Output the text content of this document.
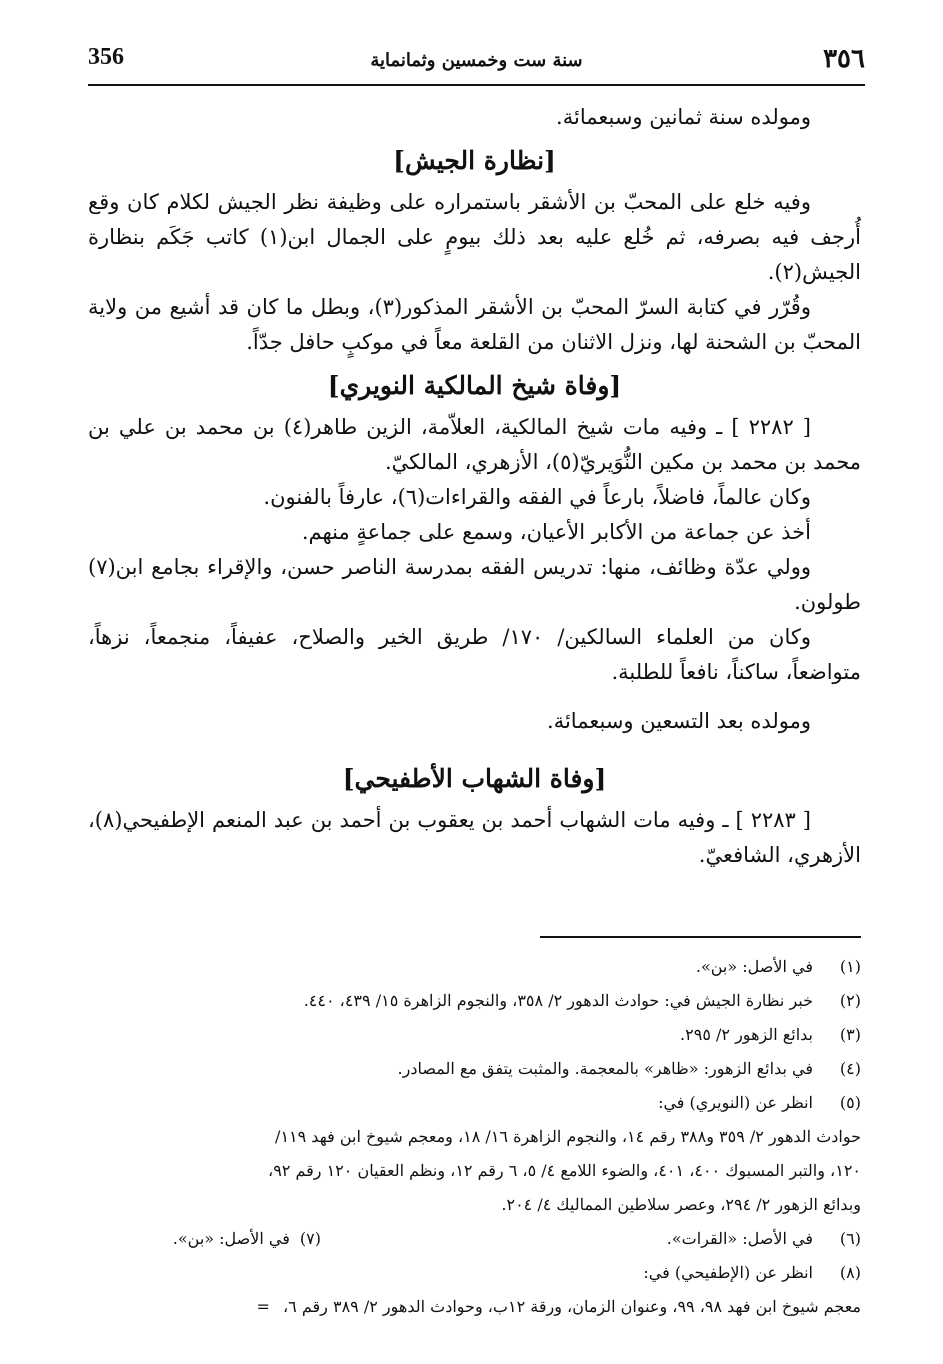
356	سنة ست وخمسين وثمانماية	٣٥٦

ومولده سنة ثمانين وسبعمائة.

[نظارة الجيش]

وفيه خلع على المحبّ بن الأشقر باستمراره على وظيفة نظر الجيش لكلام كان وقع أُرجف فيه بصرفه، ثم خُلع عليه بعد ذلك بيومٍ على الجمال ابن(١) كاتب جَكَم بنظارة الجيش(٢).

وقُرّر في كتابة السرّ المحبّ بن الأشقر المذكور(٣)، وبطل ما كان قد أشيع من ولاية المحبّ بن الشحنة لها، ونزل الاثنان من القلعة معاً في موكبٍ حافل جدّاً.

[وفاة شيخ المالكية النويري]

[ ٢٢٨٢ ] ـ وفيه مات شيخ المالكية، العلاّمة، الزين طاهر(٤) بن محمد بن علي بن محمد بن محمد بن مكين النُّوَيريّ(٥)، الأزهري، المالكيّ.

وكان عالماً، فاضلاً، بارعاً في الفقه والقراءات(٦)، عارفاً بالفنون.

أخذ عن جماعة من الأكابر الأعيان، وسمع على جماعةٍ منهم.

وولي عدّة وظائف، منها: تدريس الفقه بمدرسة الناصر حسن، والإقراء بجامع ابن(٧) طولون.

وكان من العلماء السالكين/ ١٧٠/ طريق الخير والصلاح، عفيفاً، منجمعاً، نزهاً، متواضعاً، ساكناً، نافعاً للطلبة.

ومولده بعد التسعين وسبعمائة.

[وفاة الشهاب الأطفيحي]

[ ٢٢٨٣ ] ـ وفيه مات الشهاب أحمد بن يعقوب بن أحمد بن عبد المنعم الإطفيحي(٨)، الأزهري، الشافعيّ.

(١)
في الأصل: «بن».
(٢)
خبر نظارة الجيش في: حوادث الدهور ٢/ ٣٥٨، والنجوم الزاهرة ١٥/ ٤٣٩، ٤٤٠.
(٣)
بدائع الزهور ٢/ ٢٩٥.
(٤)
في بدائع الزهور: «ظاهر» بالمعجمة. والمثبت يتفق مع المصادر.
(٥)
انظر عن (النويري) في:
حوادث الدهور ٢/ ٣٥٩ و٣٨٨ رقم ١٤، والنجوم الزاهرة ١٦/ ١٨، ومعجم شيوخ ابن فهد ١١٩/
١٢٠، والتبر المسبوك ٤٠٠، ٤٠١، والضوء اللامع ٤/ ٥، ٦ رقم ١٢، ونظم العقيان ١٢٠ رقم ٩٢،
وبدائع الزهور ٢/ ٢٩٤، وعصر سلاطين المماليك ٤/ ٢٠٤.
(٦)
في الأصل: «القرات».
(٧)
في الأصل: «بن».
(٨)
انظر عن (الإطفيحي) في:
معجم شيوخ ابن فهد ٩٨، ٩٩، وعنوان الزمان، ورقة ١٢ب، وحوادث الدهور ٢/ ٣٨٩ رقم ٦، =
